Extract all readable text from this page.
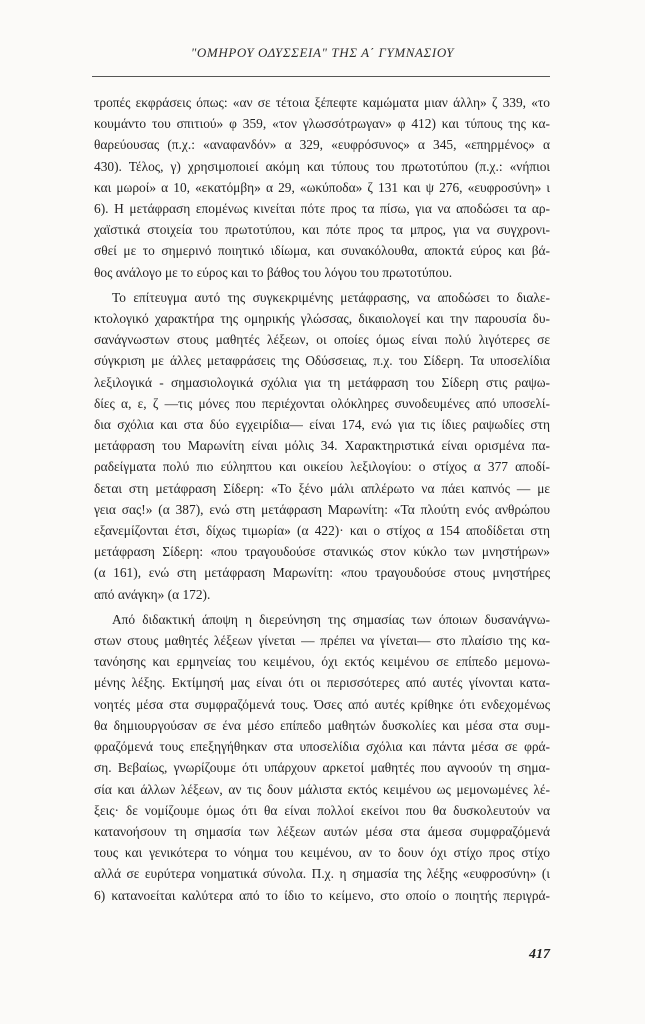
"ΟΜΗΡΟΥ ΟΔΥΣΣΕΙΑ" ΤΗΣ Α΄ ΓΥΜΝΑΣΙΟΥ
τροπές εκφράσεις όπως: «αν σε τέτοια ξέπεφτε καμώματα μιαν άλλη» ζ 339, «το
κουμάντο του σπιτιού» φ 359, «τον γλωσσότρωγαν» φ 412) και τύπους της κα-
θαρεύουσας (π.χ.: «αναφανδόν» α 329, «ευφρόσυνος» α 345, «επηρμένος» α
430). Τέλος, γ) χρησιμοποιεί ακόμη και τύπους του πρωτοτύπου (π.χ.: «νήπιοι
και μωροί» α 10, «εκατόμβη» α 29, «ωκύποδα» ζ 131 και ψ 276, «ευφροσύνη» ι
6). Η μετάφραση επομένως κινείται πότε προς τα πίσω, για να αποδώσει τα αρ-
χαϊστικά στοιχεία του πρωτοτύπου, και πότε προς τα μπρος, για να συγχρονι-
σθεί με το σημερινό ποιητικό ιδίωμα, και συνακόλουθα, αποκτά εύρος και βά-
θος ανάλογο με το εύρος και το βάθος του λόγου του πρωτοτύπου.
Το επίτευγμα αυτό της συγκεκριμένης μετάφρασης, να αποδώσει το διαλε-
κτολογικό χαρακτήρα της ομηρικής γλώσσας, δικαιολογεί και την παρουσία δυ-
σανάγνωστων στους μαθητές λέξεων, οι οποίες όμως είναι πολύ λιγότερες σε
σύγκριση με άλλες μεταφράσεις της Οδύσσειας, π.χ. του Σίδερη. Τα υποσελίδια
λεξιλογικά - σημασιολογικά σχόλια για τη μετάφραση του Σίδερη στις ραψω-
δίες α, ε, ζ —τις μόνες που περιέχονται ολόκληρες συνοδευμένες από υποσελί-
δια σχόλια και στα δύο εγχειρίδια— είναι 174, ενώ για τις ίδιες ραψωδίες στη
μετάφραση του Μαρωνίτη είναι μόλις 34. Χαρακτηριστικά είναι ορισμένα πα-
ραδείγματα πολύ πιο εύληπτου και οικείου λεξιλογίου: ο στίχος α 377 αποδί-
δεται στη μετάφραση Σίδερη: «Το ξένο μάλι απλέρωτο να πάει καπνός — με
γεια σας!» (α 387), ενώ στη μετάφραση Μαρωνίτη: «Τα πλούτη ενός ανθρώπου
εξανεμίζονται έτσι, δίχως τιμωρία» (α 422)· και ο στίχος α 154 αποδίδεται στη
μετάφραση Σίδερη: «που τραγουδούσε στανικώς στον κύκλο των μνηστήρων»
(α 161), ενώ στη μετάφραση Μαρωνίτη: «που τραγουδούσε στους μνηστήρες
από ανάγκη» (α 172).
Από διδακτική άποψη η διερεύνηση της σημασίας των όποιων δυσανάγνω-
στων στους μαθητές λέξεων γίνεται — πρέπει να γίνεται— στο πλαίσιο της κα-
τανόησης και ερμηνείας του κειμένου, όχι εκτός κειμένου σε επίπεδο μεμονω-
μένης λέξης. Εκτίμησή μας είναι ότι οι περισσότερες από αυτές γίνονται κατα-
νοητές μέσα στα συμφραζόμενά τους. Όσες από αυτές κρίθηκε ότι ενδεχομένως
θα δημιουργούσαν σε ένα μέσο επίπεδο μαθητών δυσκολίες και μέσα στα συμ-
φραζόμενά τους επεξηγήθηκαν στα υποσελίδια σχόλια και πάντα μέσα σε φρά-
ση. Βεβαίως, γνωρίζουμε ότι υπάρχουν αρκετοί μαθητές που αγνοούν τη σημα-
σία και άλλων λέξεων, αν τις δουν μάλιστα εκτός κειμένου ως μεμονωμένες λέ-
ξεις· δε νομίζουμε όμως ότι θα είναι πολλοί εκείνοι που θα δυσκολευτούν να
κατανοήσουν τη σημασία των λέξεων αυτών μέσα στα άμεσα συμφραζόμενά
τους και γενικότερα το νόημα του κειμένου, αν το δουν όχι στίχο προς στίχο
αλλά σε ευρύτερα νοηματικά σύνολα. Π.χ. η σημασία της λέξης «ευφροσύνη» (ι
6) κατανοείται καλύτερα από το ίδιο το κείμενο, στο οποίο ο ποιητής περιγρά-
417
